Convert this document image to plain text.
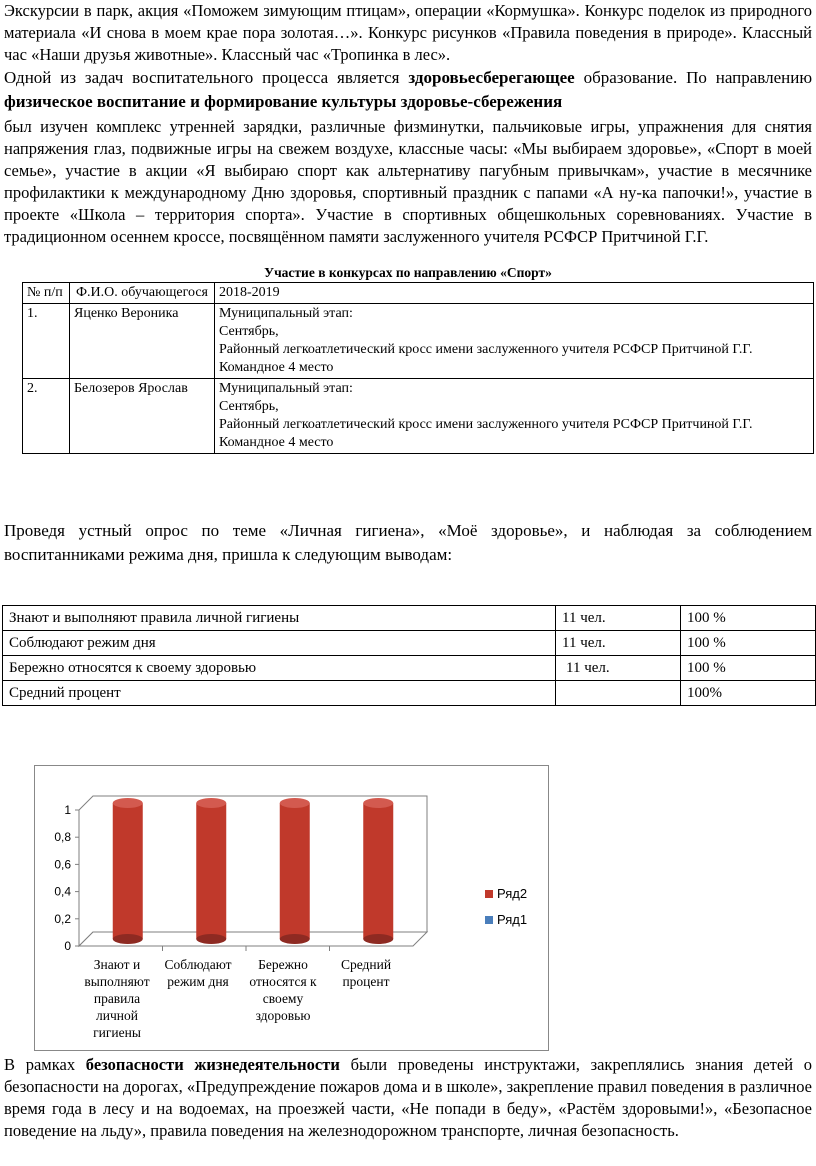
Экскурсии в парк, акция «Поможем зимующим птицам», операции «Кормушка». Конкурс поделок из природного материала «И снова в моем крае пора золотая…». Конкурс рисунков «Правила поведения в природе». Классный час «Наши друзья животные». Классный час «Тропинка в лес».
Одной из задач воспитательного процесса является здоровьесберегающее образование. По направлению физическое воспитание и формирование культуры здоровье-сбережения
был изучен комплекс утренней зарядки, различные физминутки, пальчиковые игры, упражнения для снятия напряжения глаз, подвижные игры на свежем воздухе, классные часы: «Мы выбираем здоровье», «Спорт в моей семье», участие в акции «Я выбираю спорт как альтернативу пагубным привычкам», участие в месячнике профилактики к международному Дню здоровья, спортивный праздник с папами «А ну-ка папочки!», участие в проекте «Школа – территория спорта». Участие в спортивных общешкольных соревнованиях. Участие в традиционном осеннем кроссе, посвящённом памяти заслуженного учителя РСФСР Притчиной Г.Г.
Участие в конкурсах по направлению «Спорт»
№ п/п	Ф.И.О. обучающегося	2018-2019
1.	Яценко Вероника	Муниципальный этап:
Сентябрь,
Районный легкоатлетический кросс имени заслуженного учителя РСФСР Притчиной Г.Г.
Командное 4 место

2.	Белозеров Ярослав	Муниципальный этап:
Сентябрь,
Районный легкоатлетический кросс имени заслуженного учителя РСФСР Притчиной Г.Г.
Командное 4 место
Проведя устный опрос по теме «Личная гигиена», «Моё здоровье», и наблюдая за соблюдением воспитанниками режима дня, пришла к следующим выводам:
Знают и выполняют правила личной гигиены	11 чел.	100 %
Соблюдают режим дня	11 чел.	100 %
Бережно относятся к своему здоровью	11 чел.	100 %
Средний процент		100%
0
0,2
0,4
0,6
0,8
1
Ряд2
Ряд1
Знают и выполняют правила личной гигиены
Соблюдают режим дня
Бережно относятся к своему здоровью
Средний процент
В рамках безопасности жизнедеятельности были проведены инструктажи, закреплялись знания детей о безопасности на дорогах, «Предупреждение пожаров дома и в школе», закрепление правил поведения в различное время года в лесу и на водоемах, на проезжей части, «Не попади в беду», «Растём здоровыми!», «Безопасное поведение на льду», правила поведения на железнодорожном транспорте, личная безопасность.
